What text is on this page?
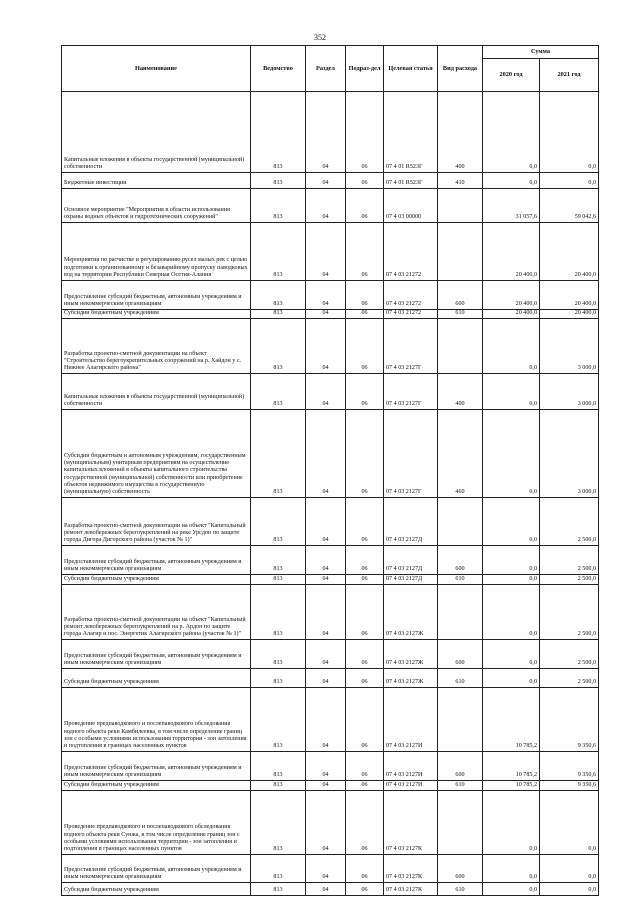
352
Наименование	Ведомство	Раздел	Подраз-дел	Целевая статья	Вид расхода	Сумма	
						2020 год	2021 год
Капитальные вложения в объекты государственной (муниципальной) собственности	813	04	06	07 4 01 R523Г	400	0,0	0,0
Бюджетные инвестиции	813	04	06	07 4 01 R523Г	410	0,0	0,0
Основное мероприятие "Мероприятия в области использования охраны водных объектов и гидротехнических сооружений"	813	04	06	07 4 03 00000		31 057,6	59 042,6
Мероприятия по расчистке и регулированию русел малых рек с целью подготовки к организованному и безаварийному пропуску паводковых вод на территории Республики Северная Осетия-Алания	813	04	06	07 4 03 21272		20 400,0	20 400,0
Предоставление субсидий бюджетным, автономным учреждениям и иным некоммерческим организациям	813	04	06	07 4 03 21272	600	20 400,0	20 400,0
Субсидии бюджетным учреждениям	813	04	06	07 4 03 21272	610	20 400,0	20 400,0
Разработка проектно-сметной документации на объект "Строительство берегоукрепительных сооружений на р. Хайдон у с. Нижнее Алагирского района"	813	04	06	07 4 03 2127Г		0,0	3 000,0
Капитальные вложения в объекты государственной (муниципальной) собственности	813	04	06	07 4 03 2127Г	400	0,0	3 000,0
Субсидии бюджетным и автономным учреждениям, государственным (муниципальным) унитарным предприятиям на осуществление капитальных вложений в объекты капитального строительства государственной (муниципальной) собственности или приобретение объектов недвижимого имущества в государственную (муниципальную) собственность	813	04	06	07 4 03 2127Г	460	0,0	3 000,0
Разработка проектно-сметной документации на объект "Капитальный ремонт левобережных берегоукреплений на реке Урсдон по защите города Дигора Дигорского района (участок № 1)"	813	04	06	07 4 03 2127Д		0,0	2 500,0
Предоставление субсидий бюджетным, автономным учреждениям и иным некоммерческим организациям	813	04	06	07 4 03 2127Д	600	0,0	2 500,0
Субсидии бюджетным учреждениям	813	04	06	07 4 03 2127Д	610	0,0	2 500,0
Разработка проектно-сметной документации на объект "Капитальный ремонт левобережных берегоукреплений на р. Ардон по защите города Алагир и пос. Энергетик Алагирского района (участок № 1)"	813	04	06	07 4 03 2127Ж		0,0	2 500,0
Предоставление субсидий бюджетным, автономным учреждениям и иным некоммерческим организациям	813	04	06	07 4 03 2127Ж	600	0,0	2 500,0
Субсидии бюджетным учреждениям	813	04	06	07 4 03 2127Ж	610	0,0	2 500,0
Проведение предпаводкового и послепаводкового обследования водного объекта реки Камбилеевка, в том числе определение границ зон с особыми условиями использования территории - зон затопления и подтопления в границах населенных пунктов	813	04	06	07 4 03 2127И		10 785,2	9 350,6
Предоставление субсидий бюджетным, автономным учреждениям и иным некоммерческим организациям	813	04	06	07 4 03 2127И	600	10 785,2	9 350,6
Субсидии бюджетным учреждениям	813	04	06	07 4 03 2127И	610	10 785,2	9 350,6
Проведение предпаводкового и послепаводкового обследования водного объекта реки Сунжа, в том числе определение границ зон с особыми условиями использования территории - зон затопления и подтопления в границах населенных пунктов	813	04	06	07 4 03 2127К		0,0	0,0
Предоставление субсидий бюджетным, автономным учреждениям и иным некоммерческим организациям	813	04	06	07 4 03 2127К	600	0,0	0,0
Субсидии бюджетным учреждениям	813	04	06	07 4 03 2127К	610	0,0	0,0
